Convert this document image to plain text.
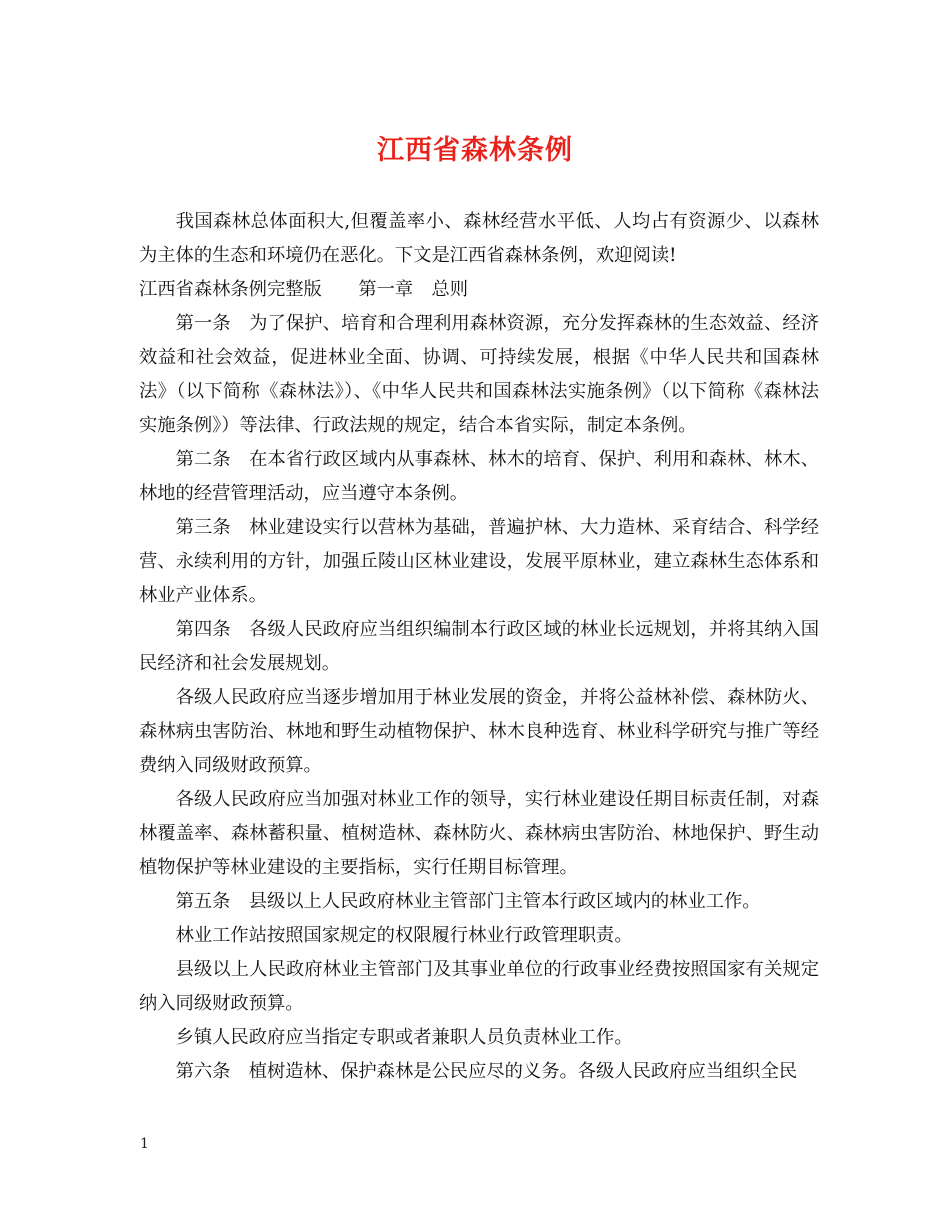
江西省森林条例

我国森林总体面积大,但覆盖率小、森林经营水平低、人均占有资源少、以森林为主体的生态和环境仍在恶化。下文是江西省森林条例，欢迎阅读!

江西省森林条例完整版　　第一章　总则

第一条　为了保护、培育和合理利用森林资源，充分发挥森林的生态效益、经济效益和社会效益，促进林业全面、协调、可持续发展，根据《中华人民共和国森林法》（以下简称《森林法》）、《中华人民共和国森林法实施条例》（以下简称《森林法实施条例》）等法律、行政法规的规定，结合本省实际，制定本条例。

第二条　在本省行政区域内从事森林、林木的培育、保护、利用和森林、林木、林地的经营管理活动，应当遵守本条例。

第三条　林业建设实行以营林为基础，普遍护林、大力造林、采育结合、科学经营、永续利用的方针，加强丘陵山区林业建设，发展平原林业，建立森林生态体系和林业产业体系。

第四条　各级人民政府应当组织编制本行政区域的林业长远规划，并将其纳入国民经济和社会发展规划。

各级人民政府应当逐步增加用于林业发展的资金，并将公益林补偿、森林防火、森林病虫害防治、林地和野生动植物保护、林木良种选育、林业科学研究与推广等经费纳入同级财政预算。

各级人民政府应当加强对林业工作的领导，实行林业建设任期目标责任制，对森林覆盖率、森林蓄积量、植树造林、森林防火、森林病虫害防治、林地保护、野生动植物保护等林业建设的主要指标，实行任期目标管理。

第五条　县级以上人民政府林业主管部门主管本行政区域内的林业工作。

林业工作站按照国家规定的权限履行林业行政管理职责。

县级以上人民政府林业主管部门及其事业单位的行政事业经费按照国家有关规定纳入同级财政预算。

乡镇人民政府应当指定专职或者兼职人员负责林业工作。

第六条　植树造林、保护森林是公民应尽的义务。各级人民政府应当组织全民

1
